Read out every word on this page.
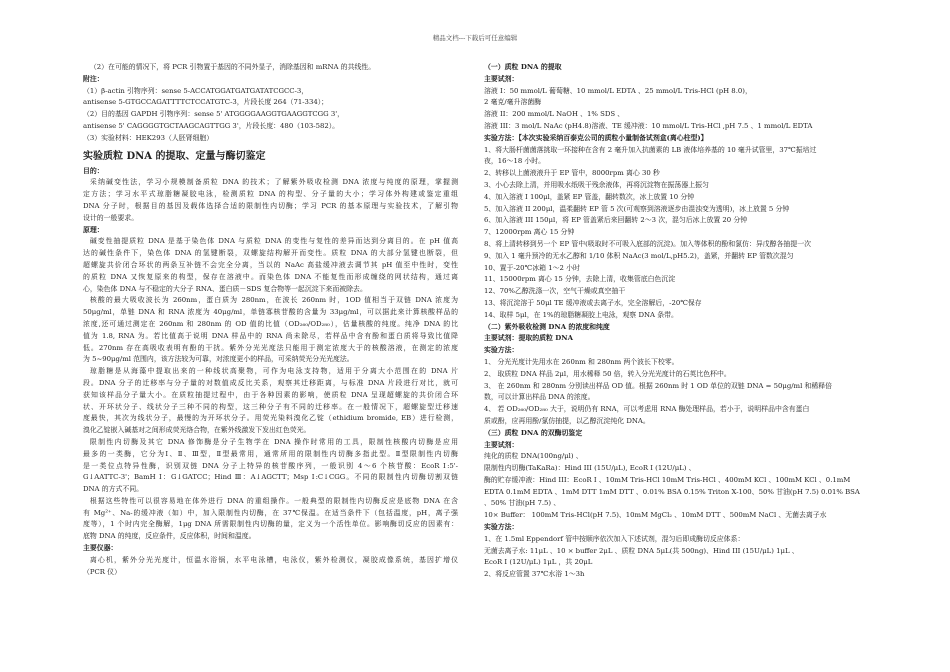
精品文档---下载后可任意编辑

（2）在可能的情况下，将 PCR 引物置于基因的不同外显子，消除基因和 mRNA 的共线性。

附注：

（1）β-actin 引物序列：sense 5-ACCATGGATGATGATATCGCC-3，

antisense 5-GTGCCAGATTTTCTCCATGTC-3，片段长度 264（71-334）；

（2）目的基因 GAPDH 引物序列：sense 5' ATGGGGAAGGTGAAGGTCGG 3'，

antisense 5' CAGGGGTGCTAAGCAGTTGG 3'，片段长度：480（103-582）。

（3）实验材料：HEK293（人胚肾细胞）

实验质粒 DNA 的提取、定量与酶切鉴定

目的：

采纳碱变性法，学习小规模制备质粒 DNA 的技术；了解紫外吸收检测 DNA 浓度与纯度的原理，掌握测

定方法；学习水平式琼脂糖凝胶电泳，检测质粒 DNA 的构型、分子量的大小；学习体外构建或鉴定重组

DNA 分子时，根据目的基因及载体选择合适的限制性内切酶；学习 PCR 的基本原理与实验技术，了解引物

设计的一般要求。

原理：

碱变性抽提质粒 DNA 是基于染色体 DNA 与质粒 DNA 的变性与复性的差异而达到分离目的。在 pH 值高

达的碱性条件下，染色体 DNA 的氢键断裂，双螺旋结构解开而变性。质粒 DNA 的大部分氢键也断裂，但

超螺旋共价闭合环状的两条互补链不会完全分离，当以的 NaAc 高盐缓冲液去调节其 pH 值至中性时，变性

的质粒 DNA 又恢复原来的构型，保存在溶液中。而染色体 DNA 不能复性而形成缠绕的网状结构，通过离

心，染色体 DNA 与不稳定的大分子 RNA、蛋白质－SDS 复合物等一起沉淀下来而被除去。

核酸的最大吸收波长为 260nm，蛋白质为 280nm，在波长 260nm 时，1OD 值相当于双链 DNA 浓度为

50μg/ml，单链 DNA 和 RNA 浓度为 40μg/ml，单链寡核苷酸的含量为 33μg/ml，可以据此来计算核酸样品的

浓度,还可通过测定在 260nm 和 280nm 的 OD 值的比值（OD₂₆₀/OD₂₈₀），估量核酸的纯度。纯净 DNA 的比

值为 1.8, RNA 为。若比值高于说明 DNA 样品中的 RNA 尚未除尽，若样品中含有酚和蛋白质将导致比值降

低。270nm 存在高吸收表明有酚的干扰。紫外分光光度法只能用于测定浓度大于的核酸溶液，在测定的浓度

为 5~90μg/ml 范围内，该方法较为可靠，对浓度更小的样品，可采纳荧光分光光度法。

琼脂糖是从海藻中提取出来的一种线状高聚物，可作为电泳支持物，适用于分离大小范围在的 DNA 片

段。DNA 分子的迁移率与分子量的对数值成反比关系，观察其迁移距离，与标准 DNA 片段进行对比，就可

获知该样品分子量大小。在质粒抽提过程中，由于各种因素的影响，使质粒 DNA 呈现超螺旋的共价闭合环

状、开环状分子、线状分子三种不同的构型，这三种分子有不同的迁移率。在一般情况下，超螺旋型迁移速

度最快，其次为线状分子，最慢的为开环状分子。用荧光染料溴化乙锭（ethidium bromide, EB）进行检测，

溴化乙锭嵌入碱基对之间形成荧光络合物，在紫外线激发下发出红色荧光。

限制性内切酶及其它 DNA 修饰酶是分子生物学在 DNA 操作时常用的工具，限制性核酸内切酶是应用

最多的一类酶，它分为Ⅰ、Ⅱ、Ⅲ型，Ⅱ型最常用，通常所用的限制性内切酶多指此型。Ⅱ型限制性内切酶

是一类位点特异性酶，识别双链 DNA 分子上特异的核苷酸序列，一般识别 4～6 个核苷酸：EcoR Ⅰ:5'-

G↓AATTC-3'；BamH Ⅰ：G↓GATCC；Hind Ⅲ：A↓AGCTT；Msp Ⅰ:C↓CGG。不同的限制性内切酶切割双链

DNA 的方式不同。

根据这些特性可以很容易地在体外进行 DNA 的重组操作。一般典型的限制性内切酶反应是底物 DNA 在含

有 Mg²⁺、Na-的缓冲液（如）中，加入限制性内切酶，在 37℃保温。在适当条件下（包括温度，pH，离子强

度等），1 个时内完全酶解，1μg DNA 所需限制性内切酶的量，定义为一个活性单位。影响酶切反应的因素有：

底物 DNA 的纯度，反应条件，反应体积，时间和温度。

主要仪器：

离心机，紫外分光光度计，恒温水浴锅，水平电泳槽，电泳仪，紫外检测仪，凝胶成像系统，基因扩增仪

（PCR 仪）

（一）质粒 DNA 的提取

主要试剂：

溶液 I：50 mmol/L 葡萄糖、10 mmol/L EDTA 、25 mmol/L Tris-HCl (pH 8.0)，

2 毫克/毫升溶菌酶

溶液 II：200 mmol/L NaOH 、1% SDS 、

溶液 III：3 mol/L NaAc (pH4.8)溶液、TE 缓冲液：10 mmol/L Tris-HCl ,pH 7.5 、1 mmol/L EDTA

实验方法：【本次实验采纳百泰克公司的质粒小量制备试剂盒(离心柱型)】

1、将大肠杆菌菌落挑取一环接种在含有 2 毫升加入抗菌素的 LB 液体培养基的 10 毫升试管里，37℃振培过

夜，16～18 小时。

2、转移以上菌液液升于 EP 管中，8000rpm 离心 30 秒

3、小心去除上清，并用吸水纸吸干残余液体，再将沉淀物在振荡器上振匀

4、加入溶液 I 100μl，盖紧 EP 管盖，翻转数次，冰上放置 10 分钟

5、加入溶液 II 200μl，温柔翻转 EP 管 5 次(可观察到溶液逐步由混浊变为透明)，冰上放置 5 分钟

6、加入溶液 III 150μl，将 EP 管盖紧后来回翻转 2～3 次，混匀后冰上放置 20 分钟

7、12000rpm 离心 15 分钟

8、将上清转移到另一个 EP 管中(吸取时不可吸入底部的沉淀)。加入等体积的酚和氯仿：异戊醇各抽提一次

9、加入 1 毫升预冷的无水乙醇和 1/10 体积 NaAc(3 mol/L,pH5.2)，盖紧，并翻转 EP 管数次混匀

10、置于-20℃冰箱 1～2 小时

11、15000rpm 离心 15 分钟，去除上清，收集管底白色沉淀

12、70%乙醇洗涤一次，空气干燥或真空抽干

13、将沉淀溶于 50μl TE 缓冲液或去离子水，完全溶解后，-20℃保存

14、取样 5μl，在 1%的琼脂糖凝胶上电泳，观察 DNA 条带。

（二）紫外吸收检测 DNA 的浓度和纯度

主要试剂：提取的质粒 DNA

实验方法：

1、 分光光度计先用水在 260nm 和 280nm 两个波长下校零。

2、 取质粒 DNA 样品 2μl，用水稀释 50 倍，转入分光光度计的石英比色杯中。

3、 在 260nm 和 280nm 分别读出样品 OD 值。根据 260nm 时 1 OD 单位的双链 DNA = 50μg/ml 和稀释倍

数，可以计算出样品 DNA 的浓度。

4、 若 OD₂₆₀/OD₂₈₀ 大于，说明仍有 RNA，可以考虑用 RNA 酶处理样品，若小于，说明样品中含有蛋白

质或酚，应再用酚/氯仿抽提，以乙醇沉淀纯化 DNA。

（三）质粒 DNA 的双酶切鉴定

主要试剂：

纯化的质粒 DNA(100ng/μl) 、

限制性内切酶(TaKaRa)：Hind III (15U/μL), EcoR I (12U/μL) 、

酶的贮存缓冲液：Hind III：EcoR I 、10mM Tris-HCl 10mM Tris-HCl 、400mM KCl 、100mM KCl 、0.1mM

EDTA 0.1mM EDTA 、1mM DTT 1mM DTT 、0.01% BSA 0.15% Triton X-100、50% 甘油(pH 7.5) 0.01% BSA

、50% 甘油(pH 7.5) 、

10× Buffer： 100mM Tris-HCl(pH 7.5)、10mM MgCl₂ 、10mM DTT 、500mM NaCl 、无菌去离子水

实验方法：

1、在 1.5ml Eppendorf 管中按顺序依次加入下述试剂，混匀后即成酶切反应体系：

无菌去离子水: 11μL 、10 × buffer 2μL 、质粒 DNA 5μL(共 500ng)、Hind III (15U/μL) 1μL 、

EcoR I (12U/μL) 1μL ，共 20μL

2、将反应管置 37℃水浴 1～3h
